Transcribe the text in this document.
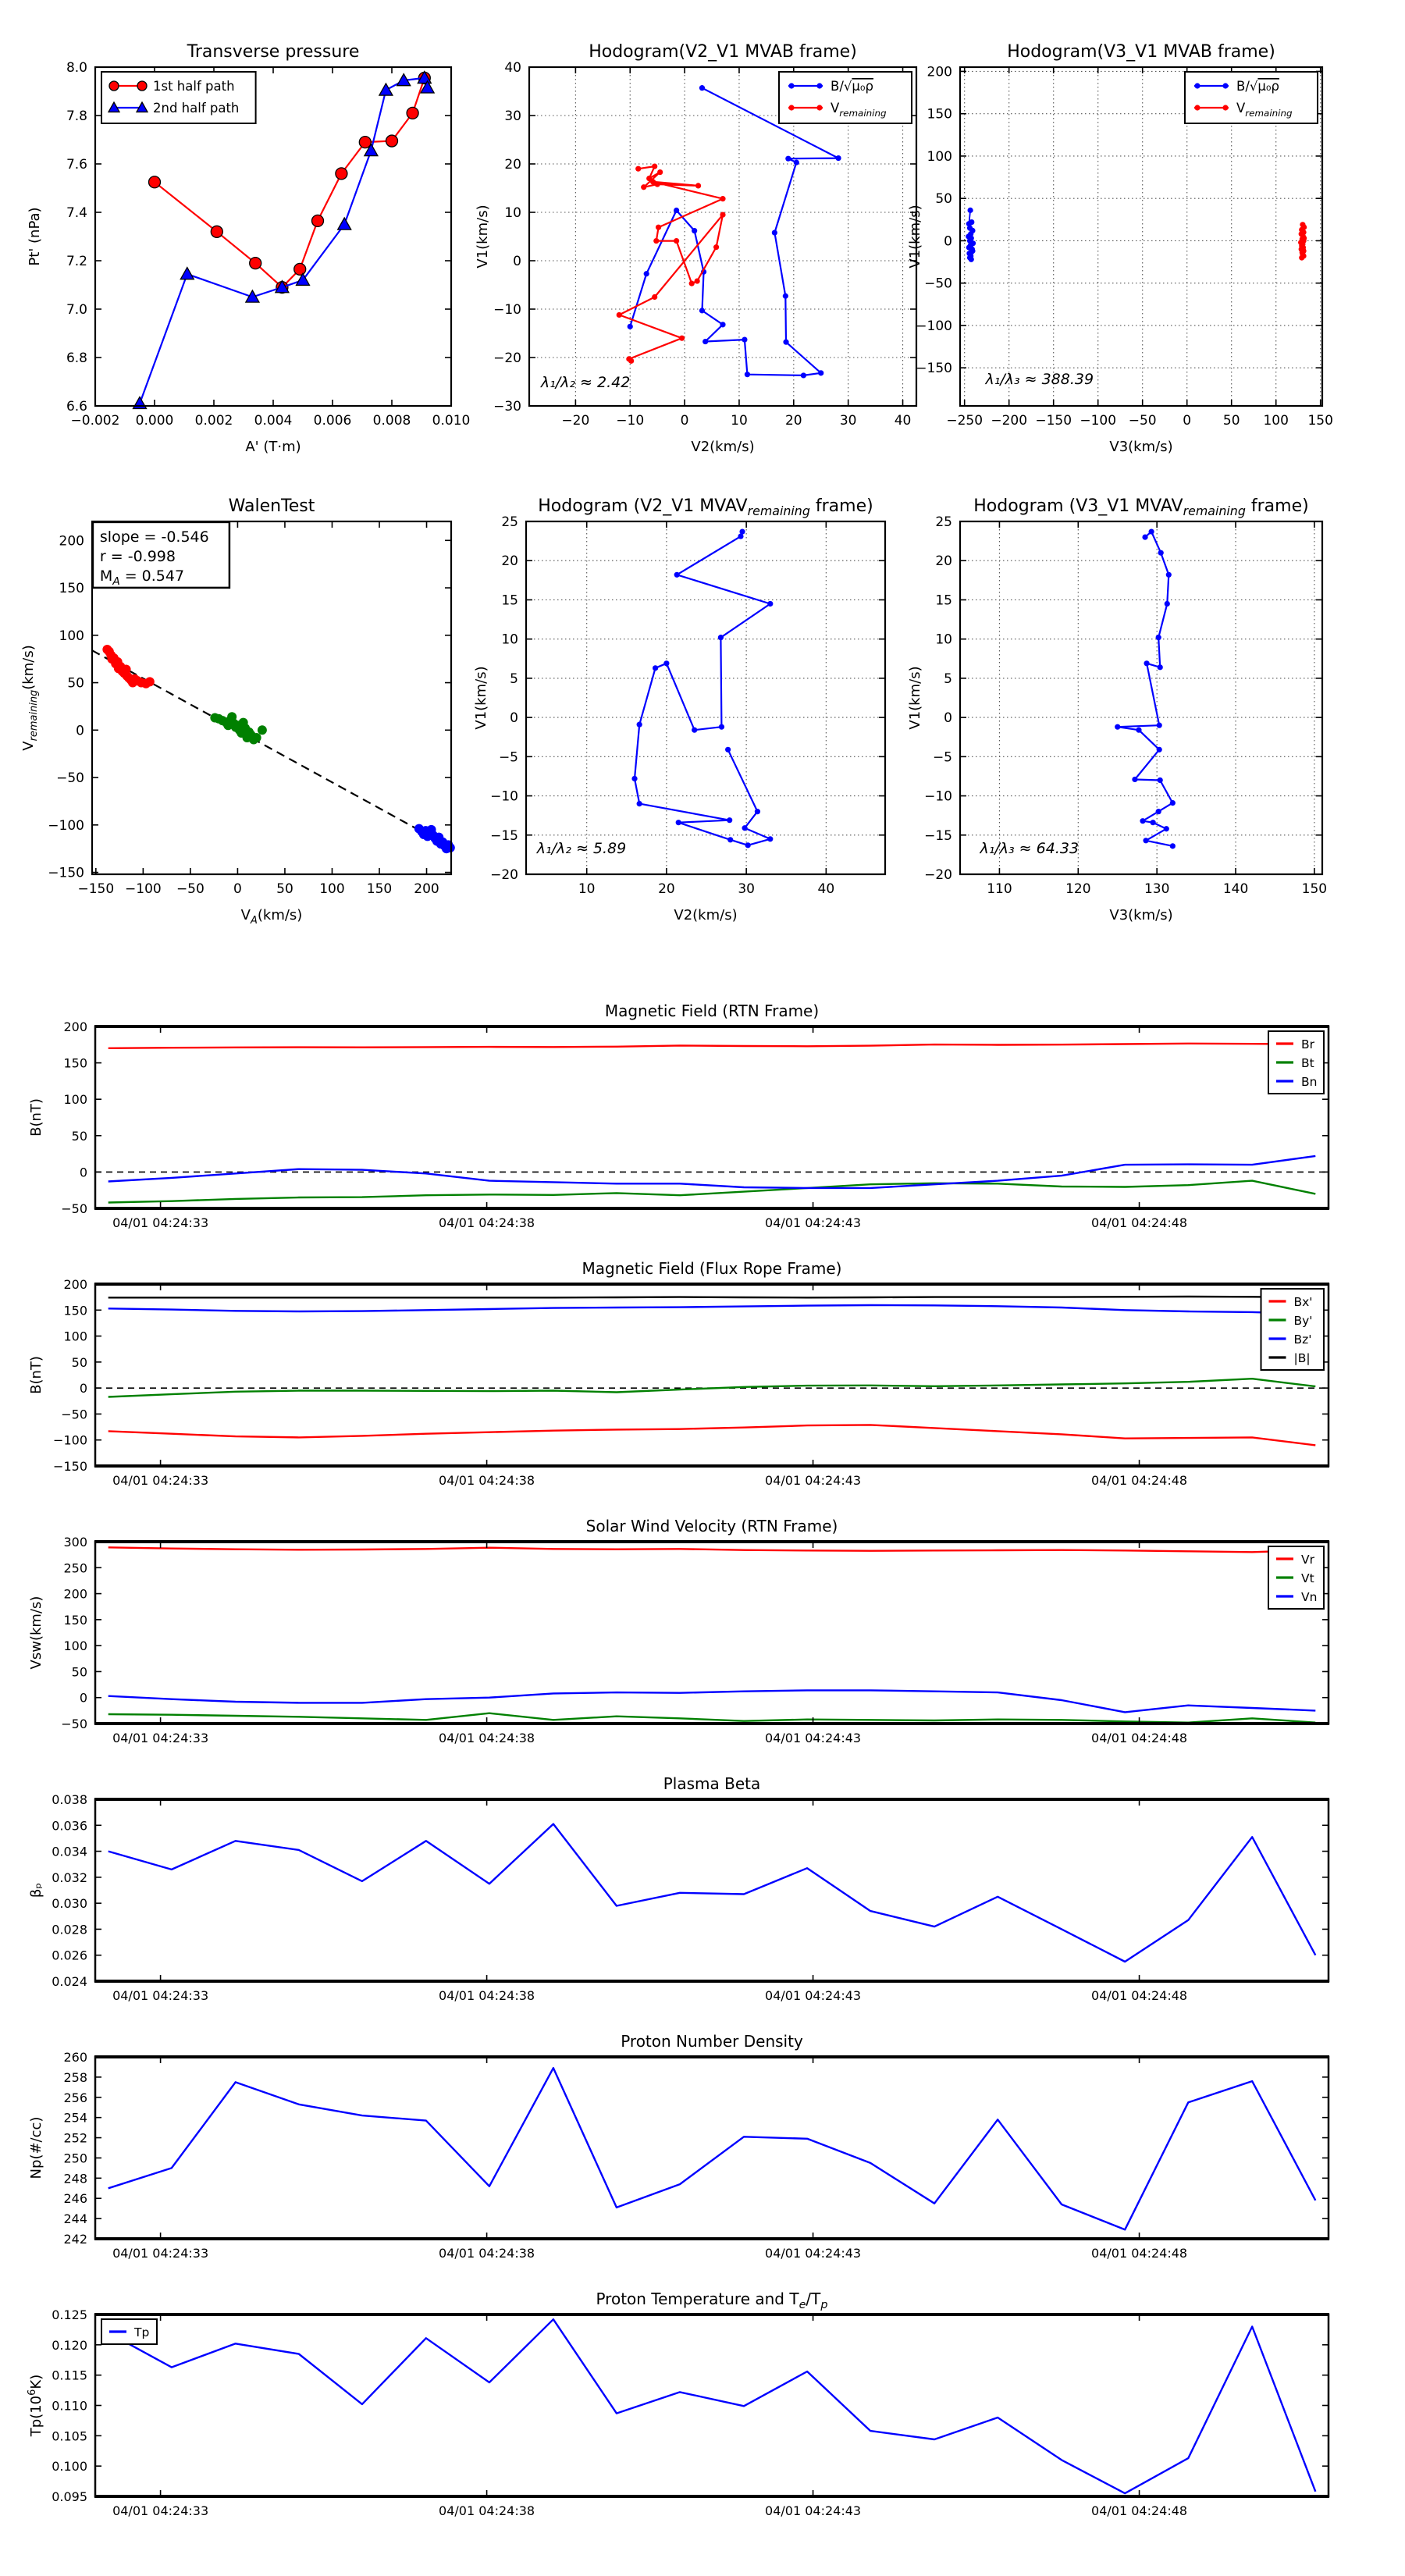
−0.002 0.000 0.002 0.004 0.006 0.008 0.010
6.6
6.8
7.0
7.2
7.4
7.6
7.8
8.0
Transverse pressure
A' (T·m)
Pt' (nPa)
1st half path
2nd half path
−20 −10	0	10	20	30	40
−30
−20
−10
0
10
20
30
40
Hodogram(V2_V1 MVAB frame)
V2(km/s)
V1(km/s)
B/√μ₀ρ
$V_{remaining}$
λ₁/λ₂ ≈ 2.42
−250 −200 −150 −100 −50 0 50 100 150
−150
−100
−50
0
50
100
150
200
Hodogram(V3_V1 MVAB frame)
V3(km/s)
V1(km/s)
B/√μ₀ρ
$V_{remaining}$
λ₁/λ₃ ≈ 388.39
−150 −100 −50 0	50 100 150 200
−150
−100
−50
0
50
100
150
200
WalenTest
$V_A(km/s)$
$V_{remaining}(km/s)$
slope = -0.546
r = -0.998
$M_A = 0.547$
10	20	30	40
−20
−15
−10
−5
0
5
10
15
20
25
Hodogram (V2_V1 $MVAV_{remaining}$ frame)
V2(km/s)
V1(km/s)
λ₁/λ₂ ≈ 5.89
110	120	130	140	150
−20
−15
−10
−5
0
5
10
15
20
25
Hodogram (V3_V1 $MVAV_{remaining}$ frame)
V3(km/s)
V1(km/s)
λ₁/λ₃ ≈ 64.33
04/01 04:24:33	04/01 04:24:38	04/01 04:24:43	04/01 04:24:48
−50
0
50
100
150
200
Magnetic Field (RTN Frame)
B(nT)
Br
Bt
Bn
04/01 04:24:33	04/01 04:24:38	04/01 04:24:43	04/01 04:24:48
−150
−100
−50
0
50
100
150
200
Magnetic Field (Flux Rope Frame)
B(nT)
Bx'
By'
Bz'
|B|
04/01 04:24:33	04/01 04:24:38	04/01 04:24:43	04/01 04:24:48
−50
0
50
100
150
200
250
300
Solar Wind Velocity (RTN Frame)
Vsw(km/s)
Vr
Vt
Vn
04/01 04:24:33	04/01 04:24:38	04/01 04:24:43	04/01 04:24:48
0.024
0.026
0.028
0.030
0.032
0.034
0.036
0.038
Plasma Beta
βₚ
04/01 04:24:33	04/01 04:24:38	04/01 04:24:43	04/01 04:24:48
242
244
246
248
250
252
254
256
258
260
Proton Number Density
Np(#/cc)
04/01 04:24:33	04/01 04:24:38	04/01 04:24:43	04/01 04:24:48
0.095
0.100
0.105
0.110
0.115
0.120
0.125
Proton Temperature and $T_e/T_p$
$Tp(10^6K)$
Tp
